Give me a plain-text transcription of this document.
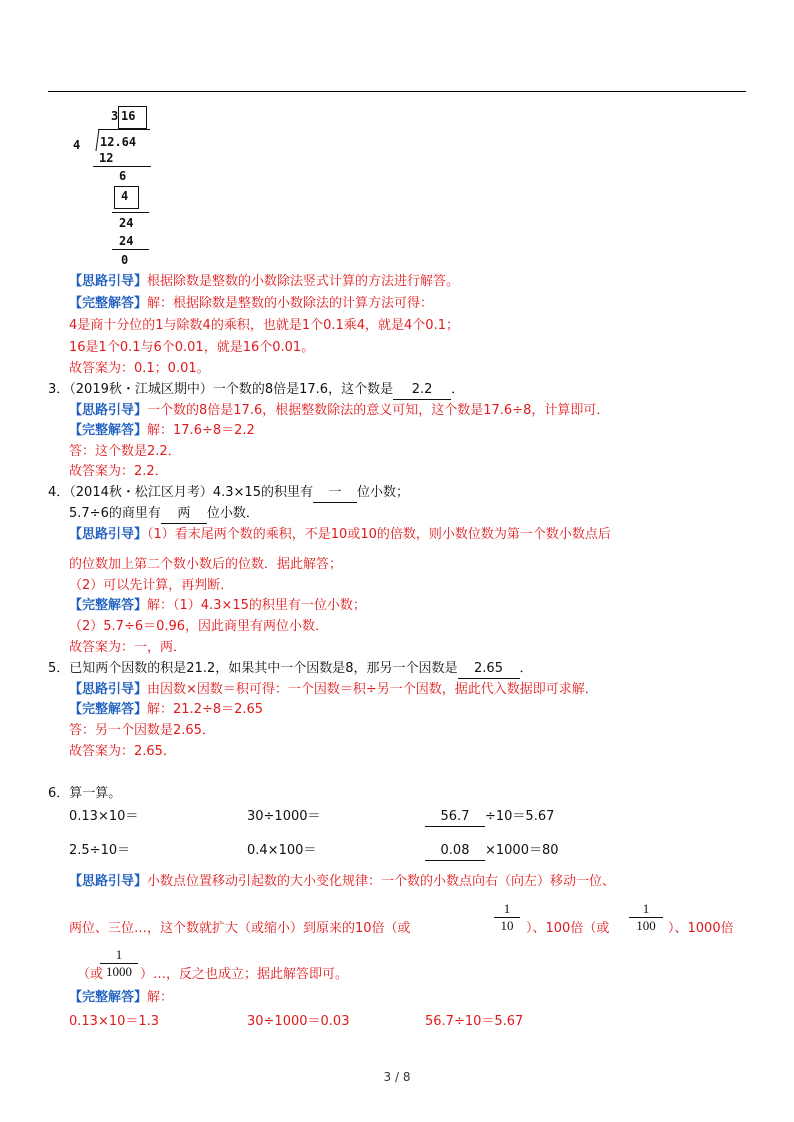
3 16
4 12.64
12
6
4
24
24
0
【思路引导】根据除数是整数的小数除法竖式计算的方法进行解答。
【完整解答】解：根据除数是整数的小数除法的计算方法可得：
4是商十分位的1与除数4的乘积，也就是1个0.1乘4，就是4个0.1；
16是1个0.1与6个0.01，就是16个0.01。
故答案为：0.1；0.01。
3．（2019秋・江城区期中）一个数的8倍是17.6，这个数是 2.2 ．
【思路引导】一个数的8倍是17.6，根据整数除法的意义可知，这个数是17.6÷8，计算即可．
【完整解答】解：17.6÷8＝2.2
答：这个数是2.2．
故答案为：2.2．
4．（2014秋・松江区月考）4.3×15的积里有 一 位小数；
5.7÷6的商里有 两 位小数．
【思路引导】（1）看末尾两个数的乘积，不是10或10的倍数，则小数位数为第一个数小数点后
的位数加上第二个数小数后的位数．据此解答；
（2）可以先计算，再判断．
【完整解答】解：（1）4.3×15的积里有一位小数；
（2）5.7÷6＝0.96，因此商里有两位小数．
故答案为：一，两．
5．已知两个因数的积是21.2，如果其中一个因数是8，那另一个因数是 2.65 ．
【思路引导】由因数×因数＝积可得：一个因数＝积÷另一个因数，据此代入数据即可求解．
【完整解答】解：21.2÷8＝2.65
答：另一个因数是2.65．
故答案为：2.65．
6．算一算。
0.13×10＝	30÷1000＝	56.7 ÷10＝5.67
2.5÷10＝	0.4×100＝	0.08 ×1000＝80
【思路引导】小数点位置移动引起数的大小变化规律：一个数的小数点向右（向左）移动一位、
两位、三位…，这个数就扩大（或缩小）到原来的10倍（或
1
10 ）、100倍（或
1
100 ）、1000倍
（或
1
1000 ）…，反之也成立；据此解答即可。
【完整解答】解：
0.13×10＝1.3	30÷1000＝0.03	56.7÷10＝5.67
3 / 8
